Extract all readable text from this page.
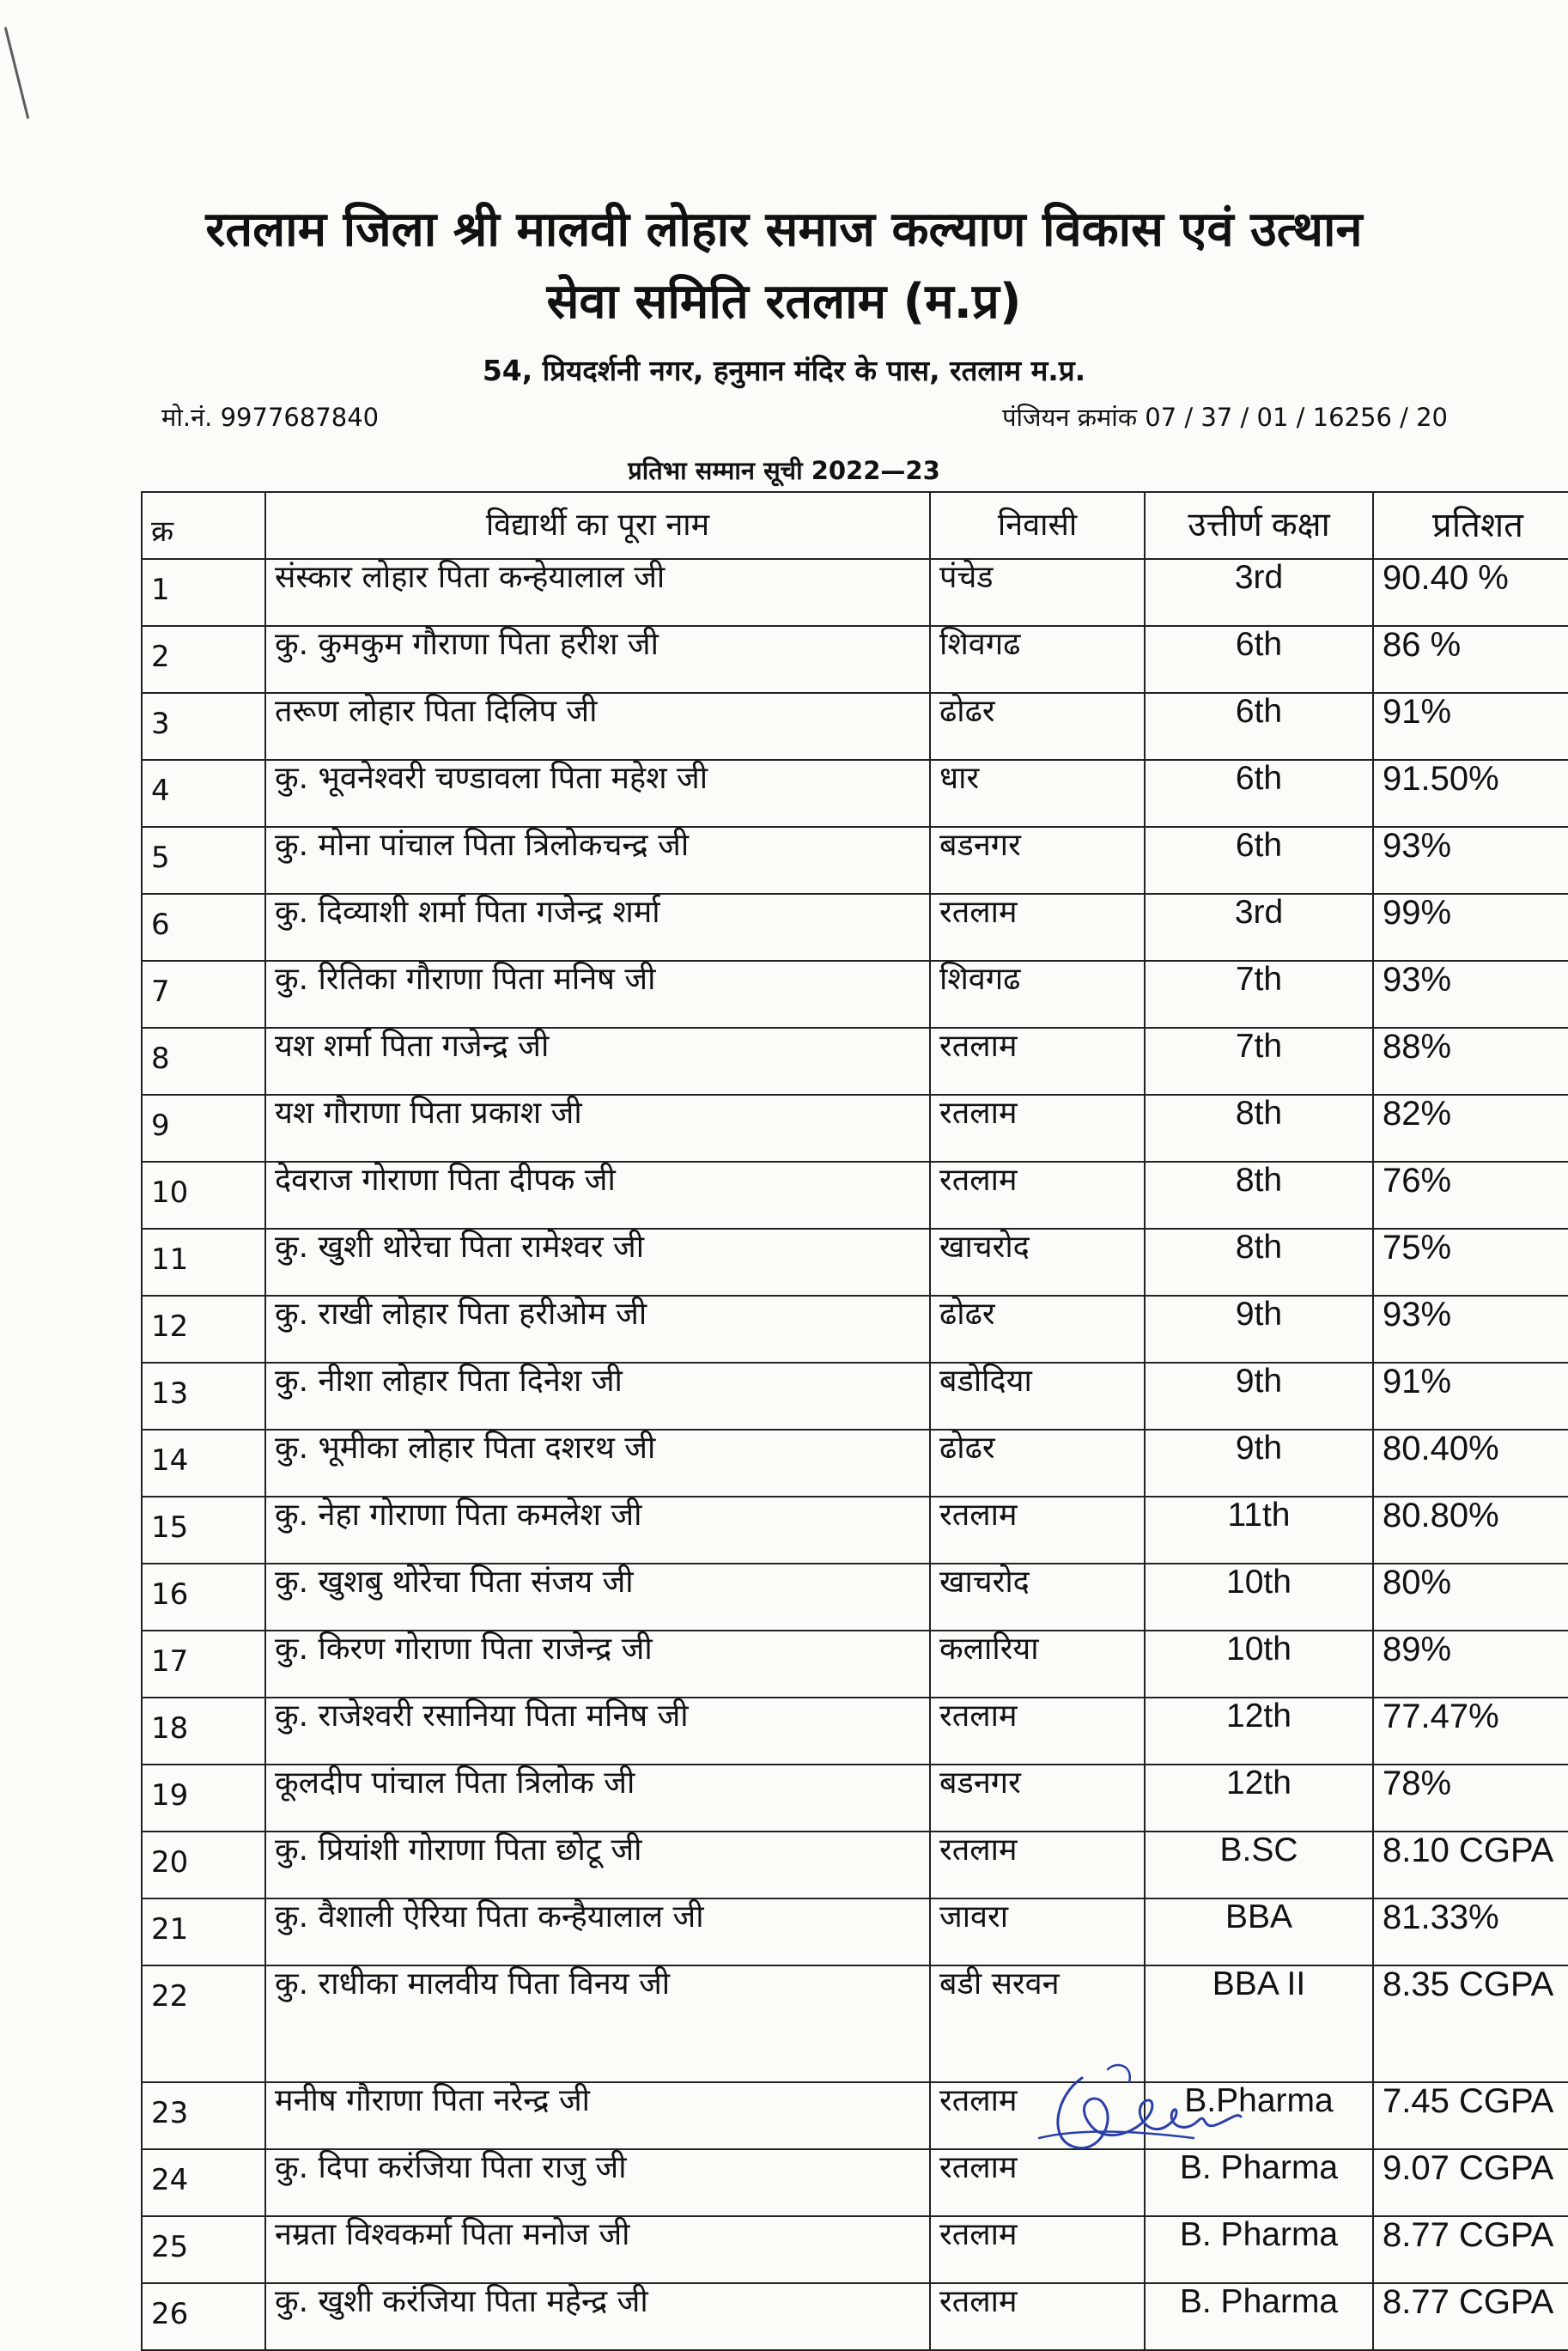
रतलाम जिला श्री मालवी लोहार समाज कल्याण विकास एवं उत्थान
सेवा समिति रतलाम (म.प्र)
54, प्रियदर्शनी नगर, हनुमान मंदिर के पास, रतलाम म.प्र.
मो.नं. 9977687840	पंजियन क्रमांक 07 / 37 / 01 / 16256 / 20
प्रतिभा सम्मान सूची 2022—23
क्र	विद्यार्थी का पूरा नाम	निवासी	उत्तीर्ण कक्षा	प्रतिशत
1	संस्कार लोहार पिता कन्हेयालाल जी	पंचेड	3rd	90.40 %
2	कु. कुमकुम गौराणा पिता हरीश जी	शिवगढ	6th	86 %
3	तरूण लोहार पिता दिलिप जी	ढोढर	6th	91%
4	कु. भूवनेश्वरी चण्डावला पिता महेश जी	धार	6th	91.50%
5	कु. मोना पांचाल पिता त्रिलोकचन्द्र जी	बडनगर	6th	93%
6	कु. दिव्याशी शर्मा पिता गजेन्द्र शर्मा	रतलाम	3rd	99%
7	कु. रितिका गौराणा पिता मनिष जी	शिवगढ	7th	93%
8	यश शर्मा पिता गजेन्द्र जी	रतलाम	7th	88%
9	यश गौराणा पिता प्रकाश जी	रतलाम	8th	82%
10	देवराज गोराणा पिता दीपक जी	रतलाम	8th	76%
11	कु. खुशी थोरेचा पिता रामेश्वर जी	खाचरोद	8th	75%
12	कु. राखी लोहार पिता हरीओम जी	ढोढर	9th	93%
13	कु. नीशा लोहार पिता दिनेश जी	बडोदिया	9th	91%
14	कु. भूमीका लोहार पिता दशरथ जी	ढोढर	9th	80.40%
15	कु. नेहा गोराणा पिता कमलेश जी	रतलाम	11th	80.80%
16	कु. खुशबु थोरेचा पिता संजय जी	खाचरोद	10th	80%
17	कु. किरण गोराणा पिता राजेन्द्र जी	कलारिया	10th	89%
18	कु. राजेश्वरी रसानिया पिता मनिष जी	रतलाम	12th	77.47%
19	कूलदीप पांचाल पिता त्रिलोक जी	बडनगर	12th	78%
20	कु. प्रियांशी गोराणा पिता छोटू जी	रतलाम	B.SC	8.10 CGPA
21	कु. वैशाली ऐरिया पिता कन्हैयालाल जी	जावरा	BBA	81.33%
22	कु. राधीका मालवीय पिता विनय जी	बडी सरवन	BBA II	8.35 CGPA
23	मनीष गौराणा पिता नरेन्द्र जी	रतलाम	B.Pharma	7.45 CGPA
24	कु. दिपा करंजिया पिता राजु जी	रतलाम	B. Pharma	9.07 CGPA
25	नम्रता विश्वकर्मा पिता मनोज जी	रतलाम	B. Pharma	8.77 CGPA
26	कु. खुशी करंजिया पिता महेन्द्र जी	रतलाम	B. Pharma	8.77 CGPA
